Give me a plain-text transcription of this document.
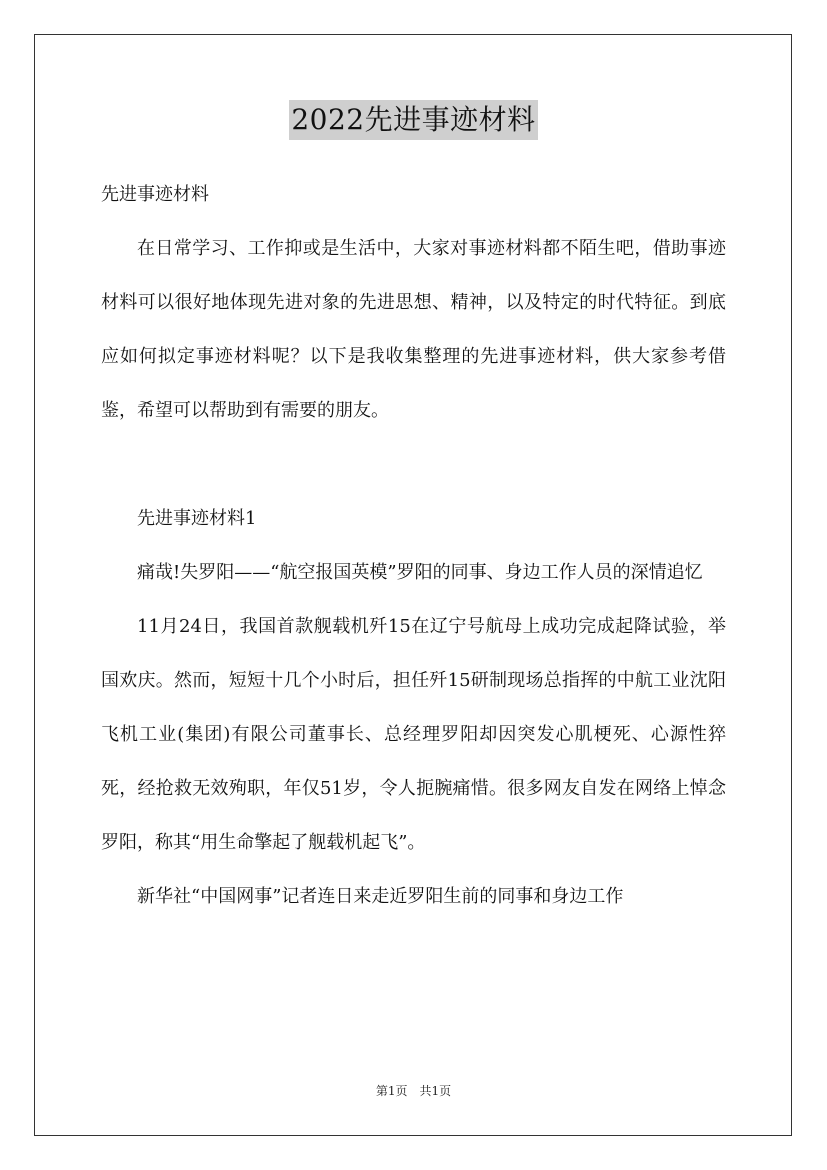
2022先进事迹材料

先进事迹材料

在日常学习、工作抑或是生活中，大家对事迹材料都不陌生吧，借助事迹材料可以很好地体现先进对象的先进思想、精神，以及特定的时代特征。到底应如何拟定事迹材料呢？以下是我收集整理的先进事迹材料，供大家参考借鉴，希望可以帮助到有需要的朋友。

先进事迹材料1

痛哉!失罗阳——“航空报国英模”罗阳的同事、身边工作人员的深情追忆

11月24日，我国首款舰载机歼15在辽宁号航母上成功完成起降试验，举国欢庆。然而，短短十几个小时后，担任歼15研制现场总指挥的中航工业沈阳飞机工业(集团)有限公司董事长、总经理罗阳却因突发心肌梗死、心源性猝死，经抢救无效殉职，年仅51岁，令人扼腕痛惜。很多网友自发在网络上悼念罗阳，称其“用生命擎起了舰载机起飞”。

新华社“中国网事”记者连日来走近罗阳生前的同事和身边工作

第1页　共1页
